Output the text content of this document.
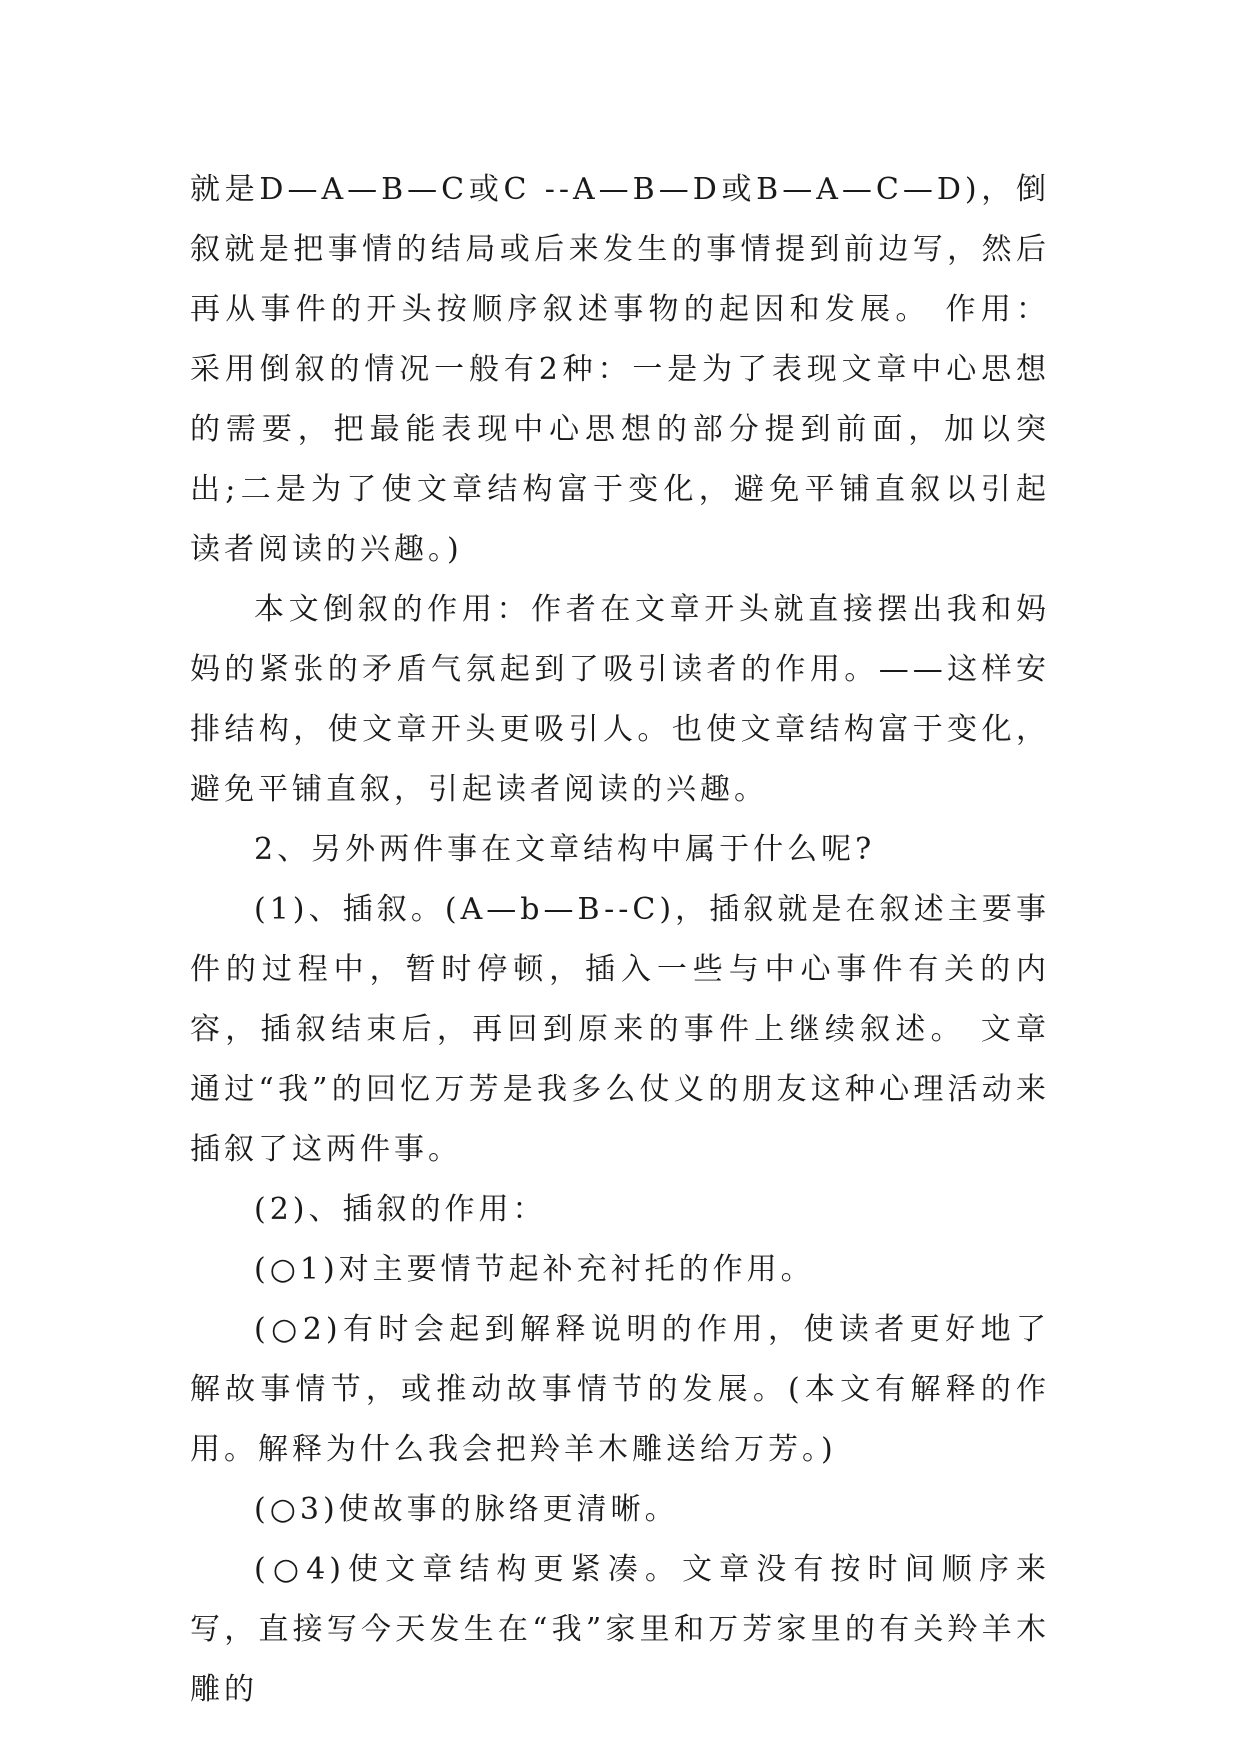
就是D—A—B—C或C --A—B—D或B—A—C—D)，倒叙就是把事情的结局或后来发生的事情提到前边写，然后再从事件的开头按顺序叙述事物的起因和发展。 作用：采用倒叙的情况一般有2种：一是为了表现文章中心思想的需要，把最能表现中心思想的部分提到前面，加以突出;二是为了使文章结构富于变化，避免平铺直叙以引起读者阅读的兴趣。)

本文倒叙的作用：作者在文章开头就直接摆出我和妈妈的紧张的矛盾气氛起到了吸引读者的作用。——这样安排结构，使文章开头更吸引人。也使文章结构富于变化，避免平铺直叙，引起读者阅读的兴趣。

2、另外两件事在文章结构中属于什么呢?

(1)、插叙。(A—b—B--C)，插叙就是在叙述主要事件的过程中，暂时停顿，插入一些与中心事件有关的内容，插叙结束后，再回到原来的事件上继续叙述。 文章通过“我”的回忆万芳是我多么仗义的朋友这种心理活动来插叙了这两件事。

(2)、插叙的作用：

(○1)对主要情节起补充衬托的作用。

(○2)有时会起到解释说明的作用，使读者更好地了解故事情节，或推动故事情节的发展。(本文有解释的作用。解释为什么我会把羚羊木雕送给万芳。)

(○3)使故事的脉络更清晰。

(○4)使文章结构更紧凑。文章没有按时间顺序来写，直接写今天发生在“我”家里和万芳家里的有关羚羊木雕的
